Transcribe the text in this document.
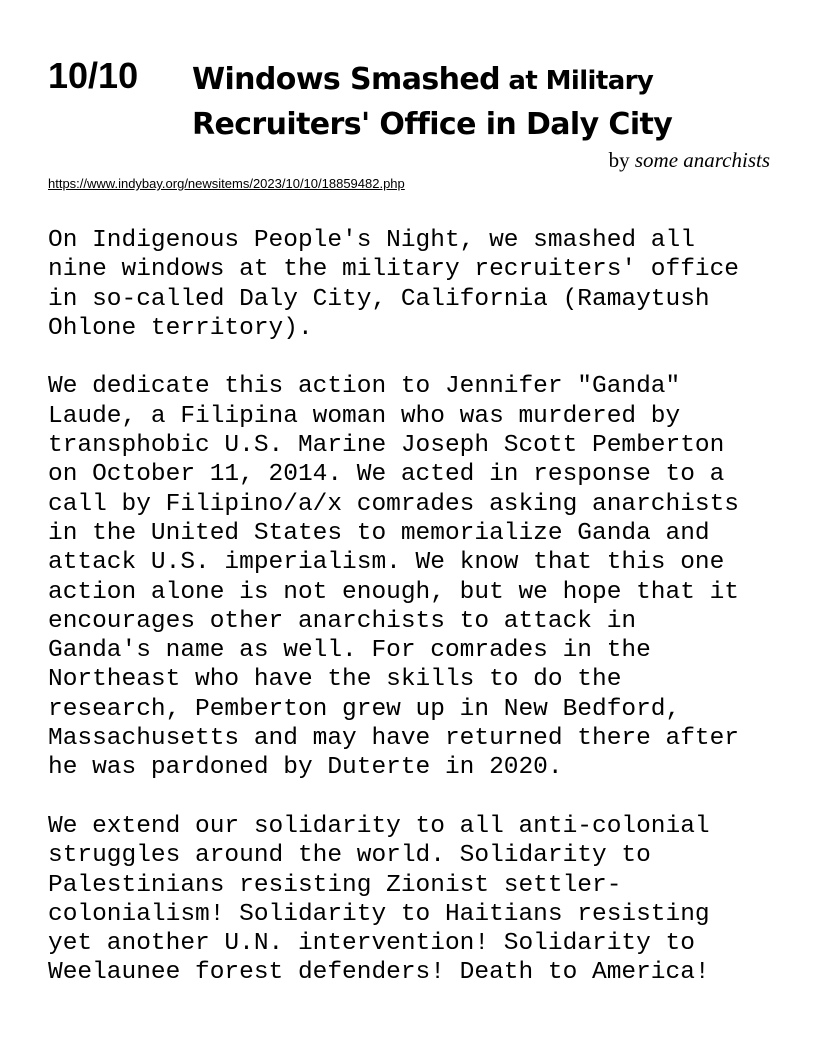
10/10 Windows Smashed at Military
Recruiters' Office in Daly City
by some anarchists
https://www.indybay.org/newsitems/2023/10/10/18859482.php

On Indigenous People's Night, we smashed all
nine windows at the military recruiters' office
in so-called Daly City, California (Ramaytush
Ohlone territory).

We dedicate this action to Jennifer "Ganda"
Laude, a Filipina woman who was murdered by
transphobic U.S. Marine Joseph Scott Pemberton
on October 11, 2014. We acted in response to a
call by Filipino/a/x comrades asking anarchists
in the United States to memorialize Ganda and
attack U.S. imperialism. We know that this one
action alone is not enough, but we hope that it
encourages other anarchists to attack in
Ganda's name as well. For comrades in the
Northeast who have the skills to do the
research, Pemberton grew up in New Bedford,
Massachusetts and may have returned there after
he was pardoned by Duterte in 2020.

We extend our solidarity to all anti-colonial
struggles around the world. Solidarity to
Palestinians resisting Zionist settler-
colonialism! Solidarity to Haitians resisting
yet another U.N. intervention! Solidarity to
Weelaunee forest defenders! Death to America!
